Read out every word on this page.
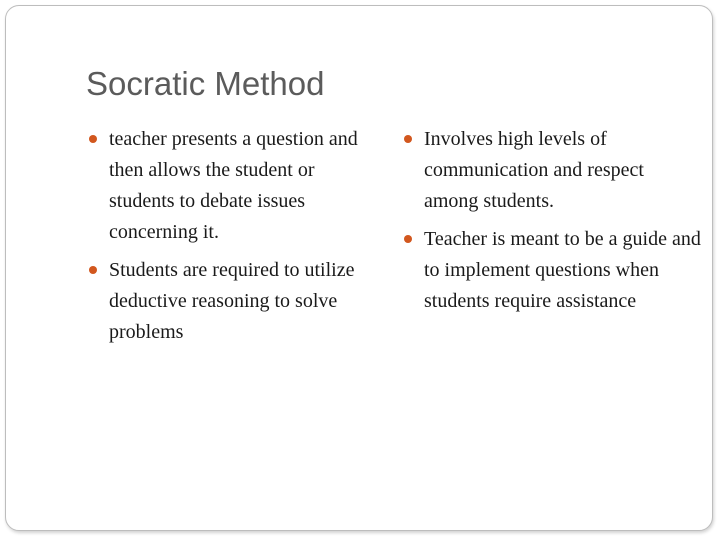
Socratic Method
teacher presents a question and then allows the student or students to debate issues concerning it.
Students are required to utilize deductive reasoning to solve problems
Involves high levels of communication and respect among students.
Teacher is meant to be a guide and to implement questions when students require assistance
